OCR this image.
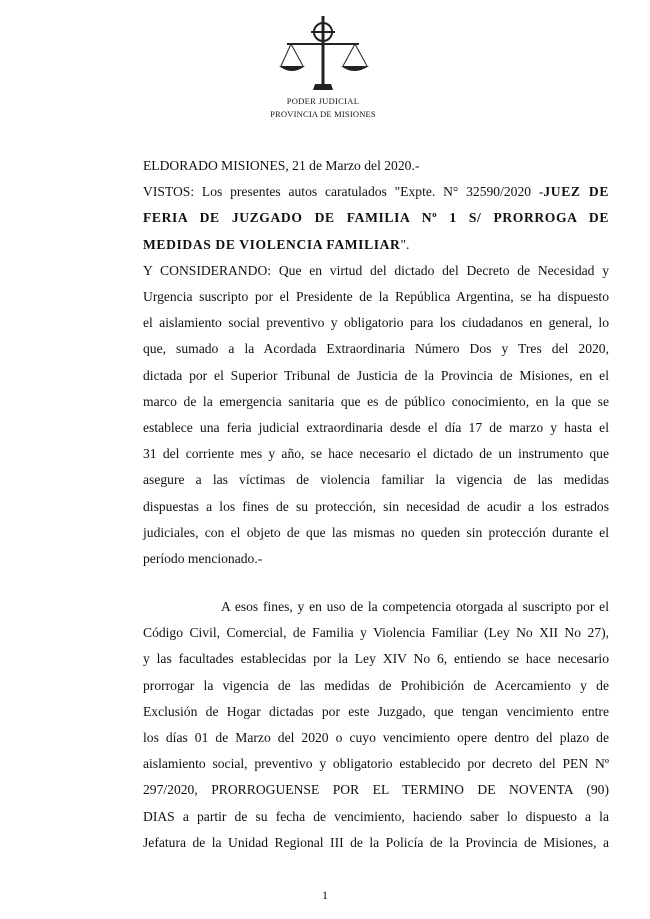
PODER JUDICIAL
PROVINCIA DE MISIONES

ELDORADO MISIONES, 21 de Marzo del 2020.-

VISTOS: Los presentes autos caratulados "Expte. N° 32590/2020 -JUEZ DE

FERIA DE JUZGADO DE FAMILIA Nº 1 S/ PRORROGA DE

MEDIDAS DE VIOLENCIA FAMILIAR".

Y CONSIDERANDO: Que en virtud del dictado del Decreto de Necesidad y

Urgencia suscripto por el Presidente de la República Argentina, se ha dispuesto

el aislamiento social preventivo y obligatorio para los ciudadanos en general, lo

que, sumado a la Acordada Extraordinaria Número Dos y Tres del 2020,

dictada por el Superior Tribunal de Justicia de la Provincia de Misiones, en el

marco de la emergencia sanitaria que es de público conocimiento, en la que se

establece una feria judicial extraordinaria desde el día 17 de marzo y hasta el

31 del corriente mes y año, se hace necesario el dictado de un instrumento que

asegure a las víctimas de violencia familiar la vigencia de las medidas

dispuestas a los fines de su protección, sin necesidad de acudir a los estrados

judiciales, con el objeto de que las mismas no queden sin protección durante el

período mencionado.-

A esos fines, y en uso de la competencia otorgada al suscripto por el

Código Civil, Comercial, de Familia y Violencia Familiar (Ley No XII No 27),

y las facultades establecidas por la Ley XIV No 6, entiendo se hace necesario

prorrogar la vigencia de las medidas de Prohibición de Acercamiento y de

Exclusión de Hogar dictadas por este Juzgado, que tengan vencimiento entre

los días 01 de Marzo del 2020 o cuyo vencimiento opere dentro del plazo de

aislamiento social, preventivo y obligatorio establecido por decreto del PEN Nº

297/2020, PRORROGUENSE POR EL TERMINO DE NOVENTA (90)

DIAS a partir de su fecha de vencimiento, haciendo saber lo dispuesto a la

Jefatura de la Unidad Regional III de la Policía de la Provincia de Misiones, a

1
